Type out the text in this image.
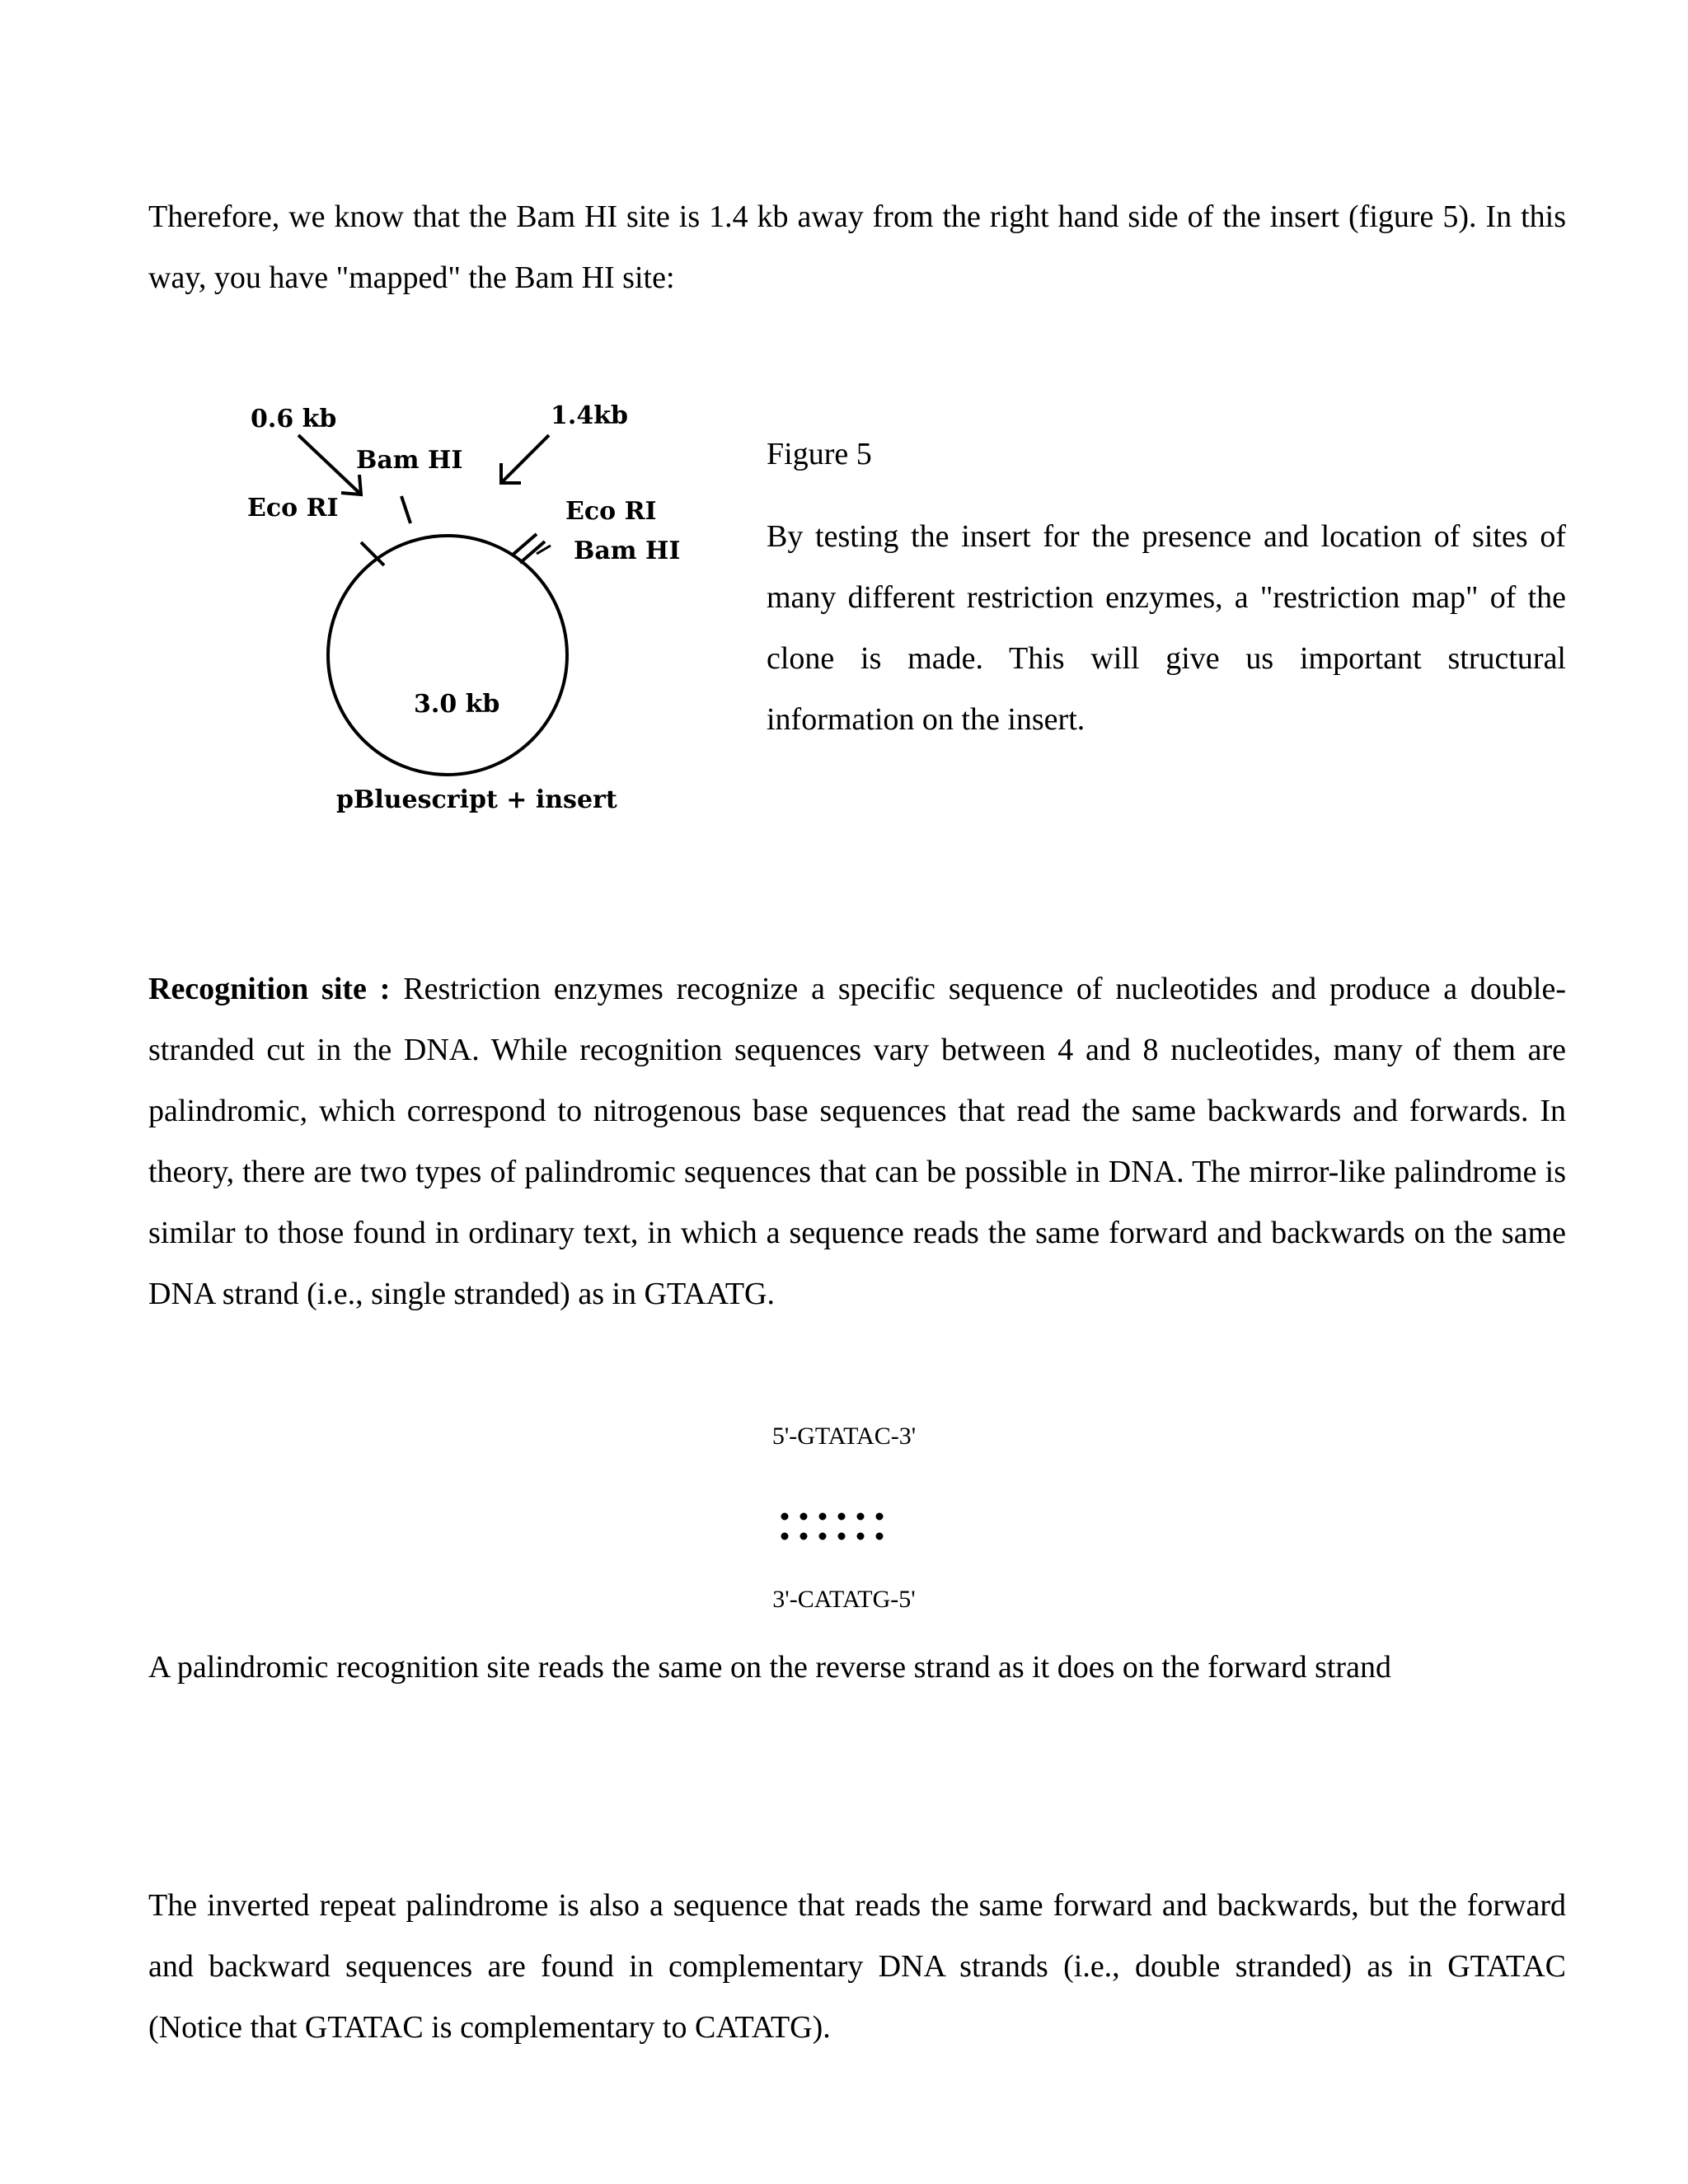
Therefore, we know that the Bam HI site is 1.4 kb away from the right hand side of the insert (figure 5). In this way, you have "mapped" the Bam HI site:

0.6 kb	1.4kb
Bam HI
Eco RI	Eco RI
Bam HI
3.0 kb
pBluescript + insert

Figure 5

By testing the insert for the presence and location of sites of many different restriction enzymes, a "restriction map" of the clone is made. This will give us important structural information on the insert.

Recognition site : Restriction enzymes recognize a specific sequence of nucleotides and produce a double-stranded cut in the DNA. While recognition sequences vary between 4 and 8 nucleotides, many of them are palindromic, which correspond to nitrogenous base sequences that read the same backwards and forwards. In theory, there are two types of palindromic sequences that can be possible in DNA. The mirror-like palindrome is similar to those found in ordinary text, in which a sequence reads the same forward and backwards on the same DNA strand (i.e., single stranded) as in GTAATG.

5'-GTATAC-3'
3'-CATATG-5'

A palindromic recognition site reads the same on the reverse strand as it does on the forward strand

The inverted repeat palindrome is also a sequence that reads the same forward and backwards, but the forward and backward sequences are found in complementary DNA strands (i.e., double stranded) as in GTATAC (Notice that GTATAC is complementary to CATATG).
